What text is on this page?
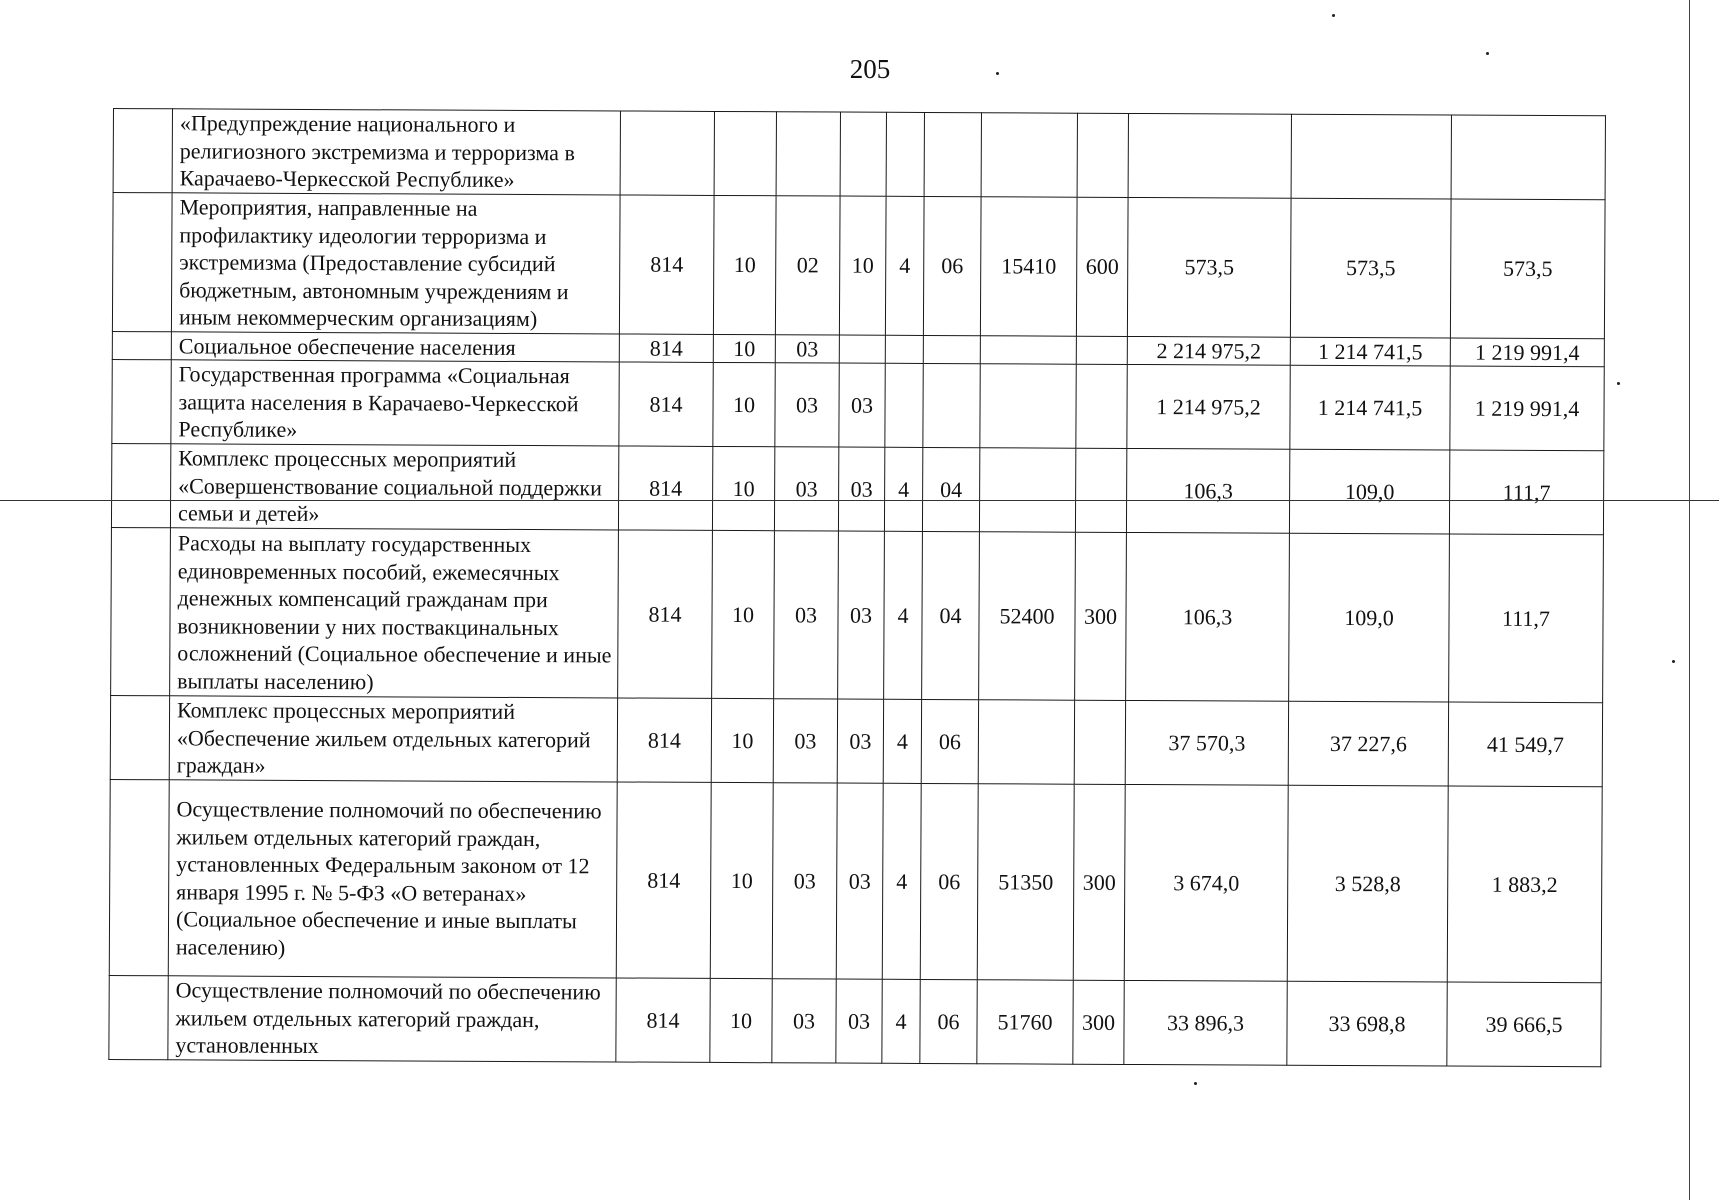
205
	«Предупреждение национального и религиозного экстремизма и терроризма в Карачаево-Черкесской Республике»											
	Мероприятия, направленные на профилактику идеологии терроризма и экстремизма (Предоставление субсидий бюджетным, автономным учреждениям и иным некоммерческим организациям)	814	10	02	10	4	06	15410	600	573,5	573,5	573,5
	Социальное обеспечение населения	814	10	03						2 214 975,2	1 214 741,5	1 219 991,4
	Государственная программа «Социальная защита населения в Карачаево-Черкесской Республике»	814	10	03	03					1 214 975,2	1 214 741,5	1 219 991,4
	Комплекс процессных мероприятий «Совершенствование социальной поддержки семьи и детей»	814	10	03	03	4	04			106,3	109,0	111,7
	Расходы на выплату государственных единовременных пособий, ежемесячных денежных компенсаций гражданам при возникновении у них поствакцинальных осложнений (Социальное обеспечение и иные выплаты населению)	814	10	03	03	4	04	52400	300	106,3	109,0	111,7
	Комплекс процессных мероприятий «Обеспечение жильем отдельных категорий граждан»	814	10	03	03	4	06			37 570,3	37 227,6	41 549,7
	Осуществление полномочий по обеспечению жильем отдельных категорий граждан, установленных Федеральным законом от 12 января 1995 г. № 5-ФЗ «О ветеранах» (Социальное обеспечение и иные выплаты населению)	814	10	03	03	4	06	51350	300	3 674,0	3 528,8	1 883,2
	Осуществление полномочий по обеспечению жильем отдельных категорий граждан, установленных	814	10	03	03	4	06	51760	300	33 896,3	33 698,8	39 666,5
